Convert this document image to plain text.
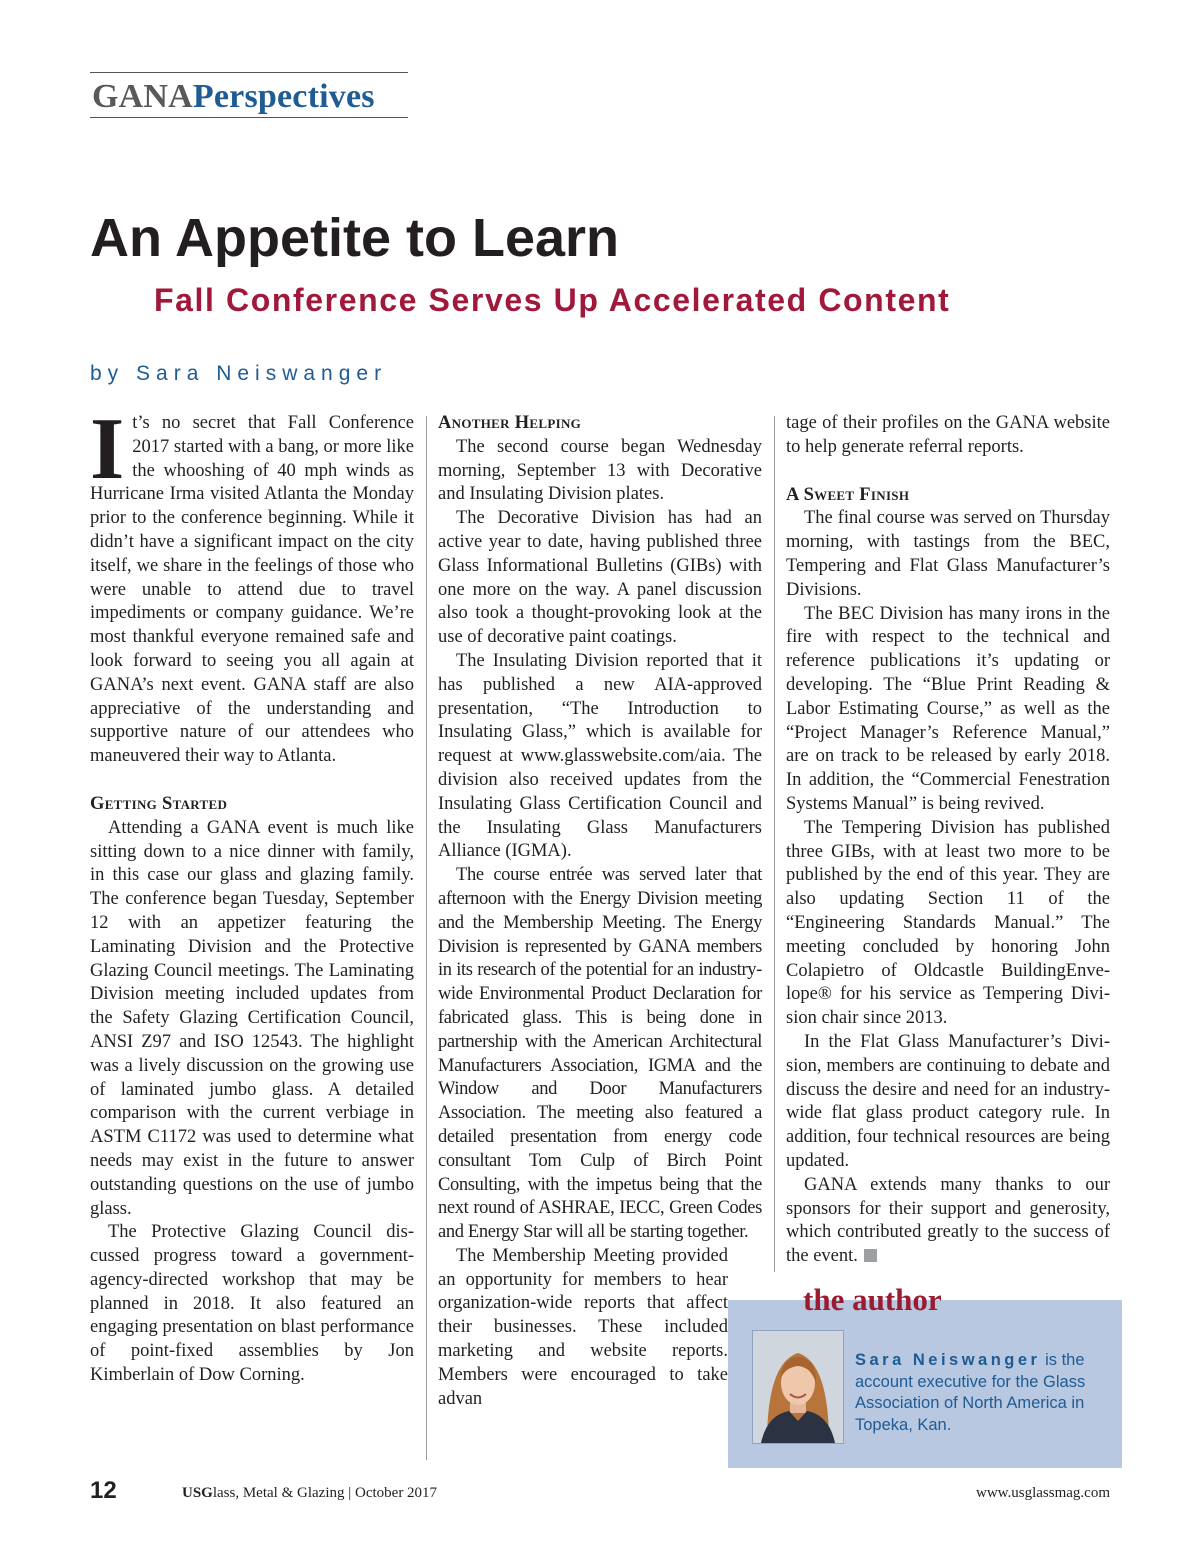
GANAPerspectives
An Appetite to Learn
Fall Conference Serves Up Accelerated Content
by Sara Neiswanger

It’s no secret that Fall Conference 2017 started with a bang, or more like the whooshing of 40 mph winds as Hurricane Irma visited Atlanta the Monday prior to the conference beginning. While it didn’t have a significant impact on the city itself, we share in the feelings of those who were unable to attend due to travel impediments or company guidance. We’re most thankful everyone remained safe and look forward to seeing you all again at GANA’s next event. GANA staff are also appreciative of the understanding and supportive nature of our attendees who maneuvered their way to Atlanta.

Getting Started

Attending a GANA event is much like sitting down to a nice dinner with family, in this case our glass and glazing family. The conference began Tuesday, September 12 with an appetizer featuring the Laminating Division and the Protective Glazing Council meetings. The Laminating Division meeting included updates from the Safety Glazing Certification Council, ANSI Z97 and ISO 12543. The highlight was a lively discussion on the growing use of laminated jumbo glass. A detailed comparison with the current verbiage in ASTM C1172 was used to determine what needs may exist in the future to answer outstanding questions on the use of jumbo glass.

The Protective Glazing Council discussed progress toward a government-agency-directed workshop that may be planned in 2018. It also featured an engaging presentation on blast performance of point-fixed assemblies by Jon Kimberlain of Dow Corning.

Another Helping

The second course began Wednesday morning, September 13 with Decorative and Insulating Division plates.

The Decorative Division has had an active year to date, having published three Glass Informational Bulletins (GIBs) with one more on the way. A panel discussion also took a thought-provoking look at the use of decorative paint coatings.

The Insulating Division reported that it has published a new AIA-approved presentation, “The Introduction to Insulating Glass,” which is available for request at www.glasswebsite.com/aia. The division also received updates from the Insulating Glass Certification Council and the Insulating Glass Manufacturers Alliance (IGMA).

The course entrée was served later that afternoon with the Energy Division meeting and the Membership Meeting. The Energy Division is represented by GANA members in its research of the potential for an industry-wide Environmental Product Declaration for fabricated glass. This is being done in partnership with the American Architectural Manufacturers Association, IGMA and the Window and Door Manufacturers Association. The meeting also featured a detailed presentation from energy code consultant Tom Culp of Birch Point Consulting, with the impetus being that the next round of ASHRAE, IECC, Green Codes and Energy Star will all be starting together.

The Membership Meeting provided an opportunity for members to hear organization-wide reports that affect their businesses. These included marketing and website reports. Members were encouraged to take advan

tage of their profiles on the GANA website to help generate referral reports.

A Sweet Finish

The final course was served on Thursday morning, with tastings from the BEC, Tempering and Flat Glass Manufacturer’s Divisions.

The BEC Division has many irons in the fire with respect to the technical and reference publications it’s updating or developing. The “Blue Print Reading & Labor Estimating Course,” as well as the “Project Manager’s Reference Manual,” are on track to be released by early 2018. In addition, the “Commercial Fenestration Systems Manual” is being revived.

The Tempering Division has published three GIBs, with at least two more to be published by the end of this year. They are also updating Section 11 of the “Engineering Standards Manual.” The meeting concluded by honoring John Colapietro of Oldcastle BuildingEnvelope® for his service as Tempering Division chair since 2013.

In the Flat Glass Manufacturer’s Division, members are continuing to debate and discuss the desire and need for an industry-wide flat glass product category rule. In addition, four technical resources are being updated.

GANA extends many thanks to our sponsors for their support and generosity, which contributed greatly to the success of the event.

the author
Sara Neiswanger is the account executive for the Glass Association of North America in Topeka, Kan.
12	USGlass, Metal & Glazing | October 2017	www.usglassmag.com
